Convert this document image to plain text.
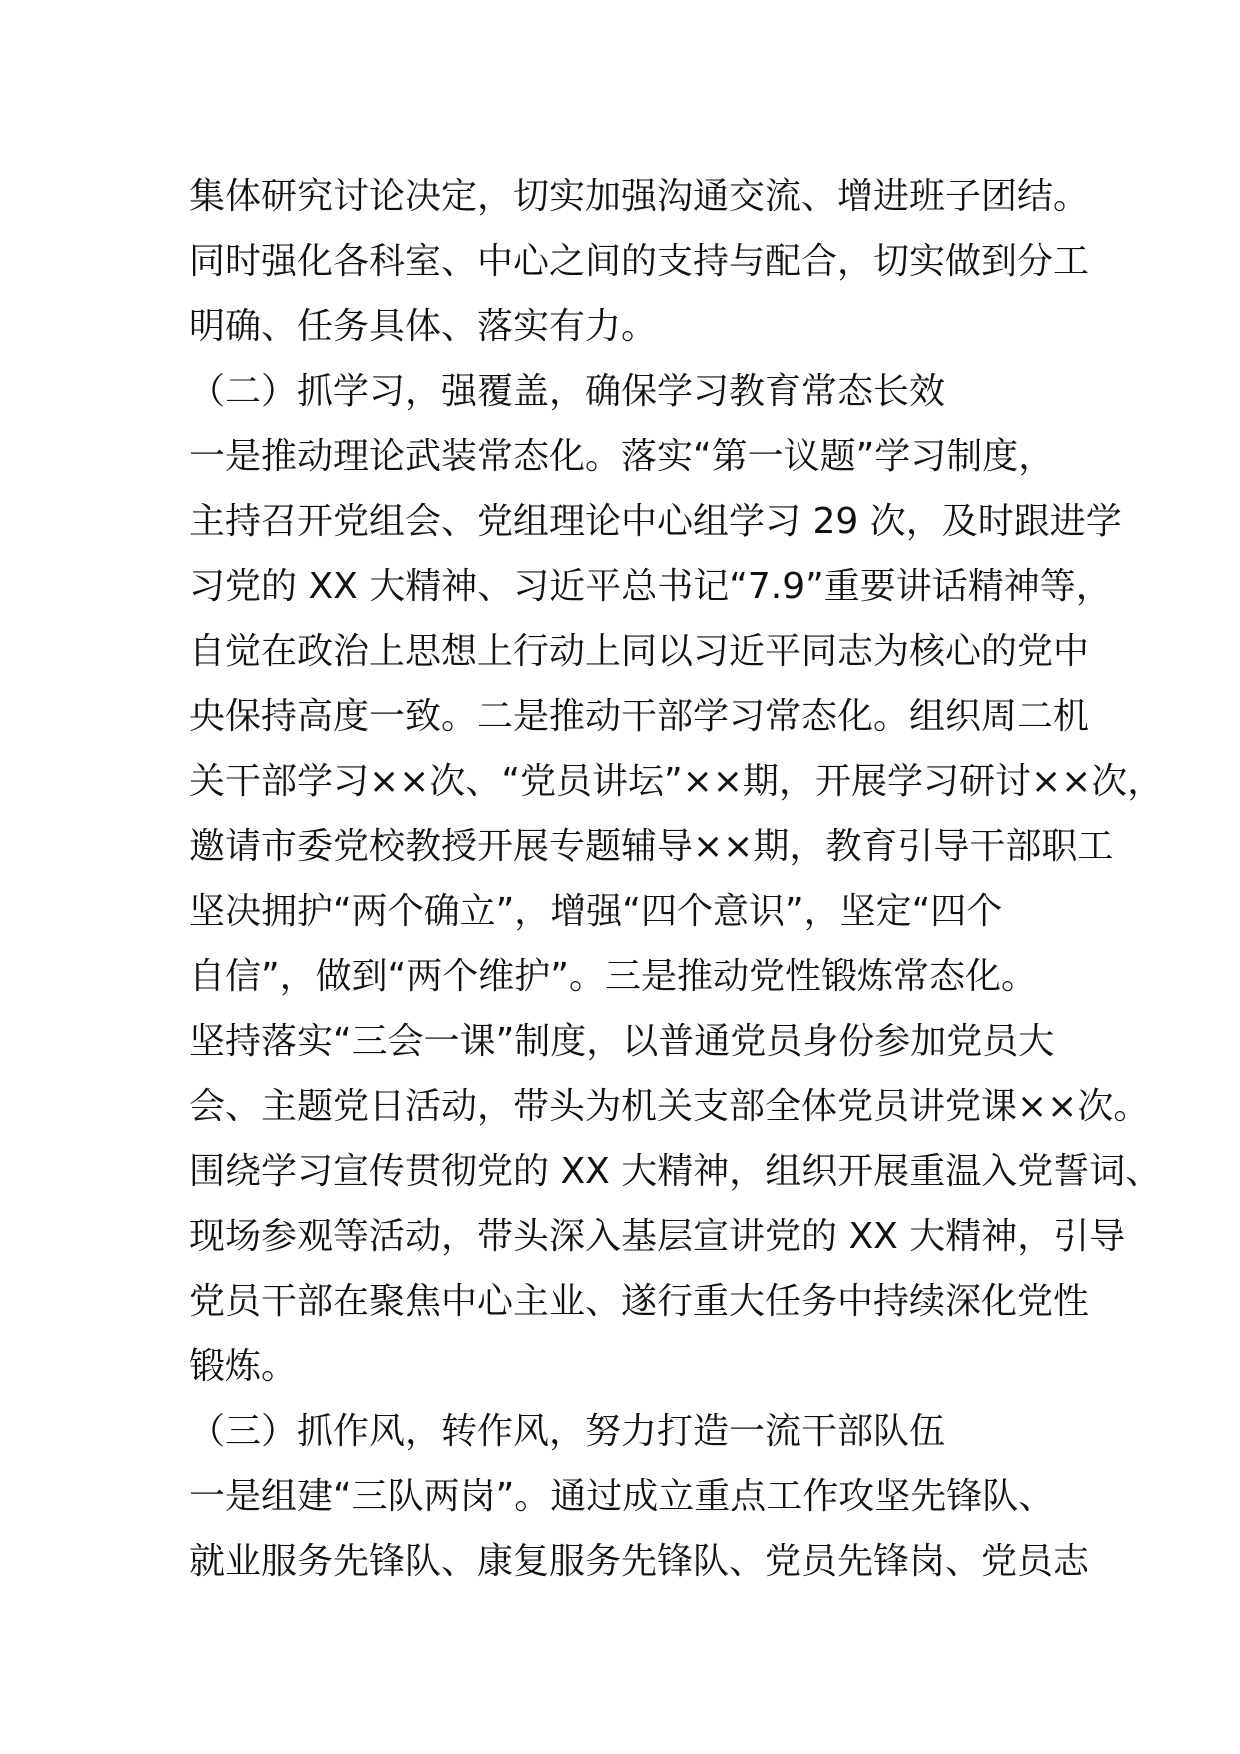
集体研究讨论决定，切实加强沟通交流、增进班子团结。
同时强化各科室、中心之间的支持与配合，切实做到分工
明确、任务具体、落实有力。
（二）抓学习，强覆盖，确保学习教育常态长效
一是推动理论武装常态化。落实“第一议题”学习制度，
主持召开党组会、党组理论中心组学习 29 次，及时跟进学
习党的 XX 大精神、习近平总书记“7.9”重要讲话精神等，
自觉在政治上思想上行动上同以习近平同志为核心的党中
央保持高度一致。二是推动干部学习常态化。组织周二机
关干部学习××次、“党员讲坛”××期，开展学习研讨××次，
邀请市委党校教授开展专题辅导××期，教育引导干部职工
坚决拥护“两个确立”，增强“四个意识”，坚定“四个
自信”，做到“两个维护”。三是推动党性锻炼常态化。
坚持落实“三会一课”制度，以普通党员身份参加党员大
会、主题党日活动，带头为机关支部全体党员讲党课××次。
围绕学习宣传贯彻党的 XX 大精神，组织开展重温入党誓词、
现场参观等活动，带头深入基层宣讲党的 XX 大精神，引导
党员干部在聚焦中心主业、遂行重大任务中持续深化党性
锻炼。
（三）抓作风，转作风，努力打造一流干部队伍
一是组建“三队两岗”。通过成立重点工作攻坚先锋队、
就业服务先锋队、康复服务先锋队、党员先锋岗、党员志
